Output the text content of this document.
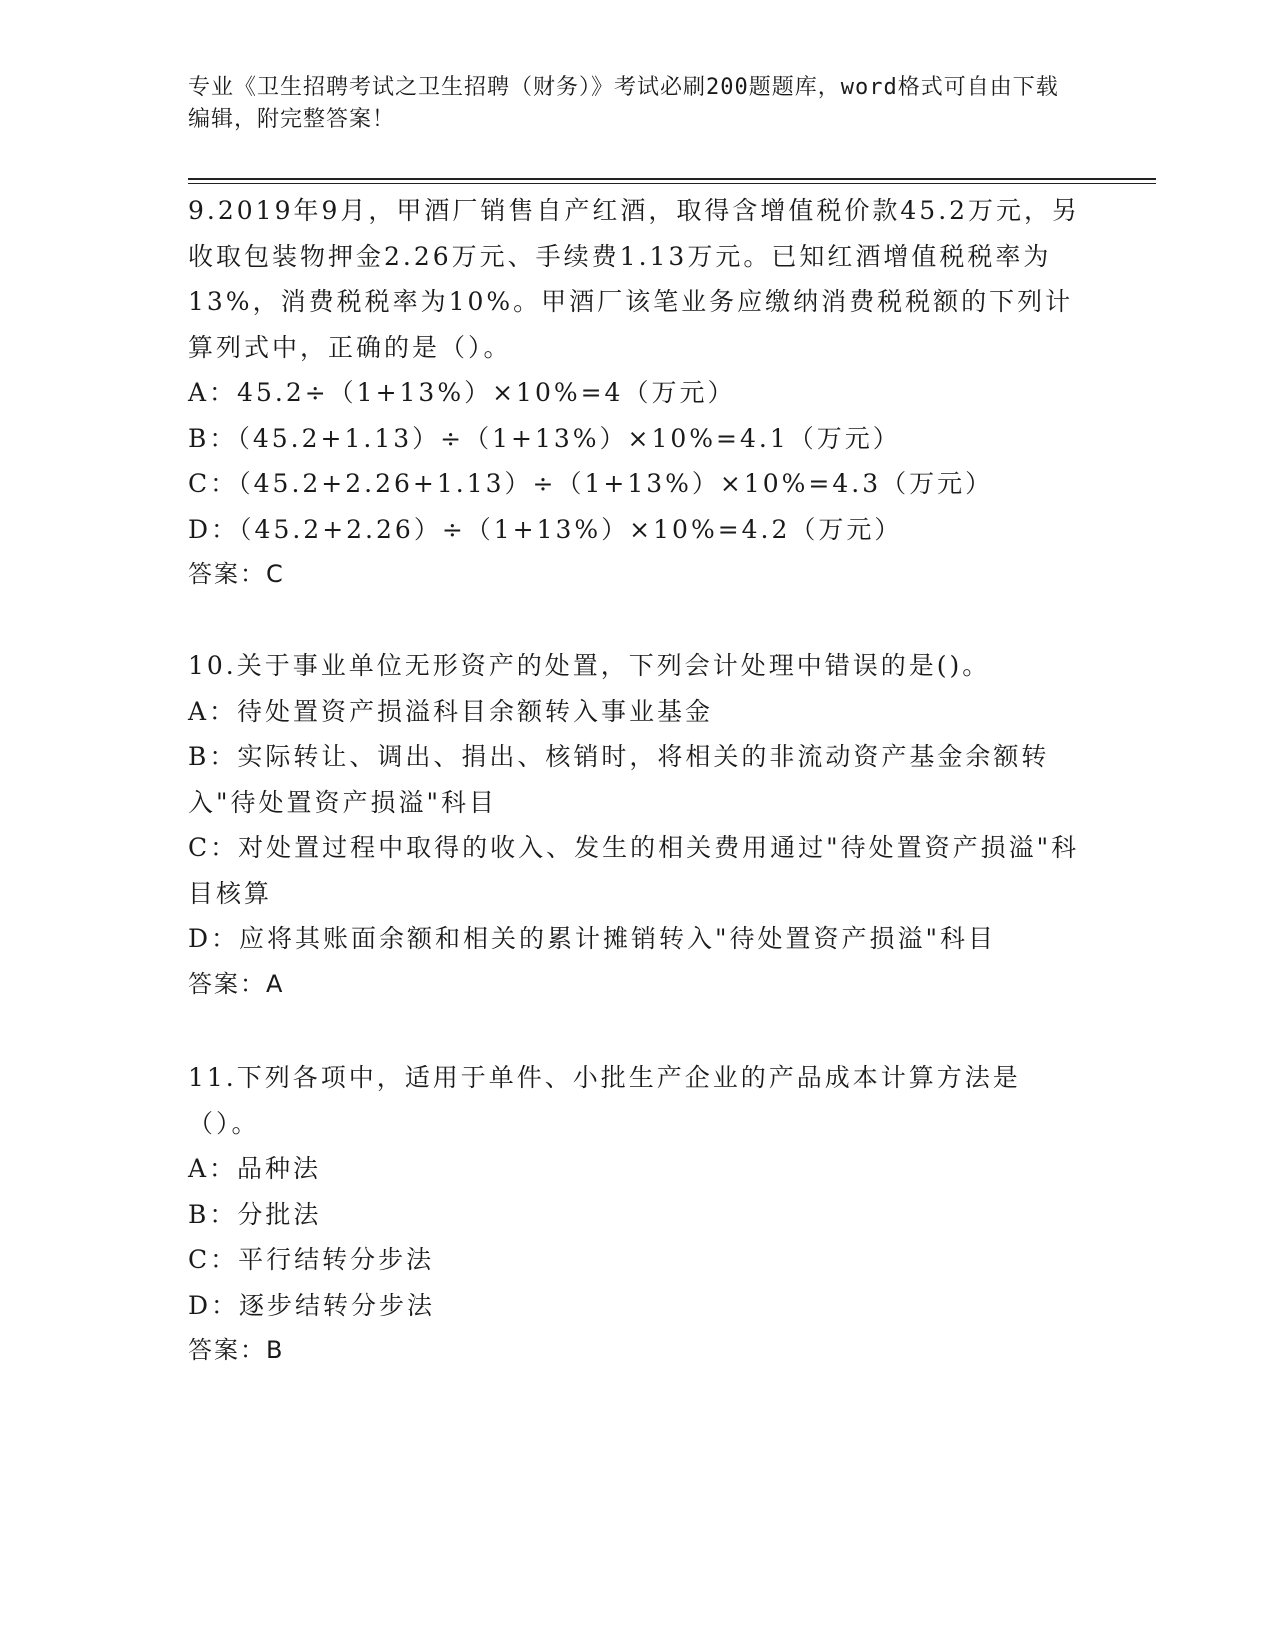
专业《卫生招聘考试之卫生招聘（财务）》考试必刷200题题库，word格式可自由下载编辑，附完整答案！

9.2019年9月，甲酒厂销售自产红酒，取得含增值税价款45.2万元，另收取包装物押金2.26万元、手续费1.13万元。已知红酒增值税税率为13%，消费税税率为10%。甲酒厂该笔业务应缴纳消费税税额的下列计算列式中，正确的是（）。

A：45.2÷（1+13%）×10%=4（万元）

B：（45.2+1.13）÷（1+13%）×10%=4.1（万元）

C：（45.2+2.26+1.13）÷（1+13%）×10%=4.3（万元）

D：（45.2+2.26）÷（1+13%）×10%=4.2（万元）

答案：C

10.关于事业单位无形资产的处置，下列会计处理中错误的是()。

A：待处置资产损溢科目余额转入事业基金

B：实际转让、调出、捐出、核销时，将相关的非流动资产基金余额转入"待处置资产损溢"科目

C：对处置过程中取得的收入、发生的相关费用通过"待处置资产损溢"科目核算

D：应将其账面余额和相关的累计摊销转入"待处置资产损溢"科目

答案：A

11.下列各项中，适用于单件、小批生产企业的产品成本计算方法是（）。

A：品种法

B：分批法

C：平行结转分步法

D：逐步结转分步法

答案：B
